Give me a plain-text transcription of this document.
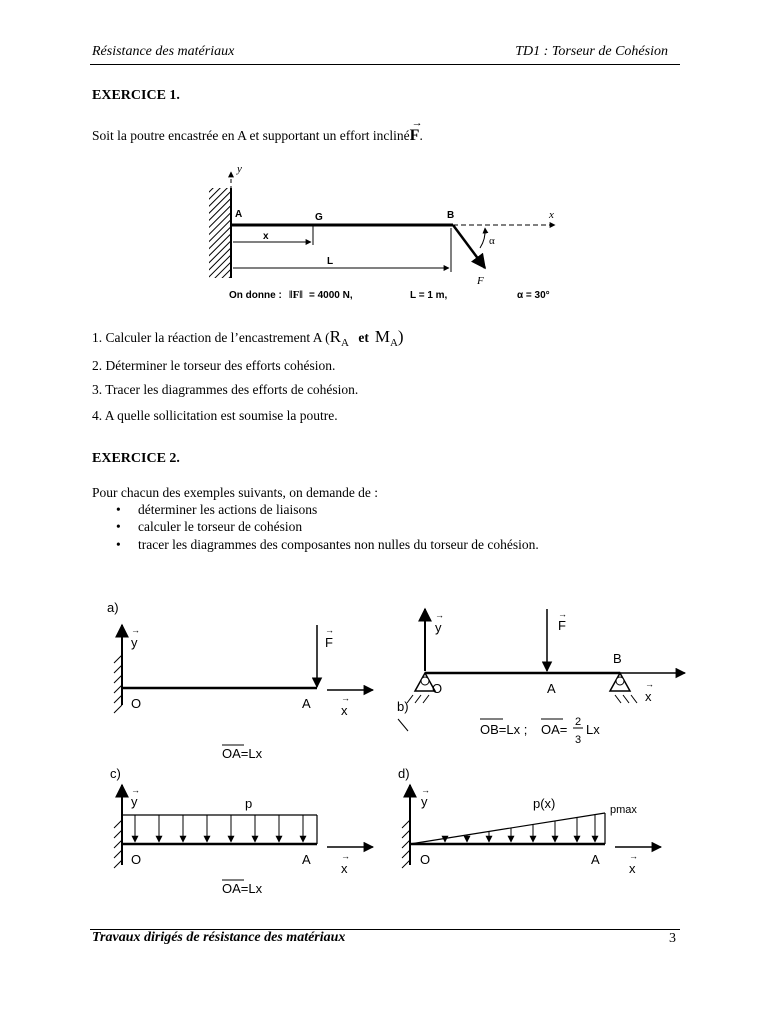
Résistance des matériaux	TD1 : Torseur de Cohésion
EXERCICE 1.
Soit la poutre encastrée en A et supportant un effort incliné
→
F.
y
x
A	G	B
x
L
F
α
On donne : ‖F‖ = 4000 N,	L = 1 m,	α = 30°
1. Calculer la réaction de l’encastrement A ($R_A$ et $M_A$)
2. Déterminer le torseur des efforts cohésion.
3. Tracer les diagrammes des efforts de cohésion.
4. A quelle sollicitation est soumise la poutre.
EXERCICE 2.
Pour chacun des exemples suivants, on demande de :
• déterminer les actions de liaisons
• calculer le torseur de cohésion
• tracer les diagrammes des composantes non nulles du torseur de cohésion.
a)
y
→
F
→
O	A x
→
OA=Lx
y
→
F
→
O	A
B
x
→
b)
OB=Lx ; OA= 2
3
Lx
c)
y
→
p
O	A
x
→
OA=Lx
d)
y
→
p(x)	pmax
O	A
x
→
Travaux dirigés de résistance des matériaux	3
